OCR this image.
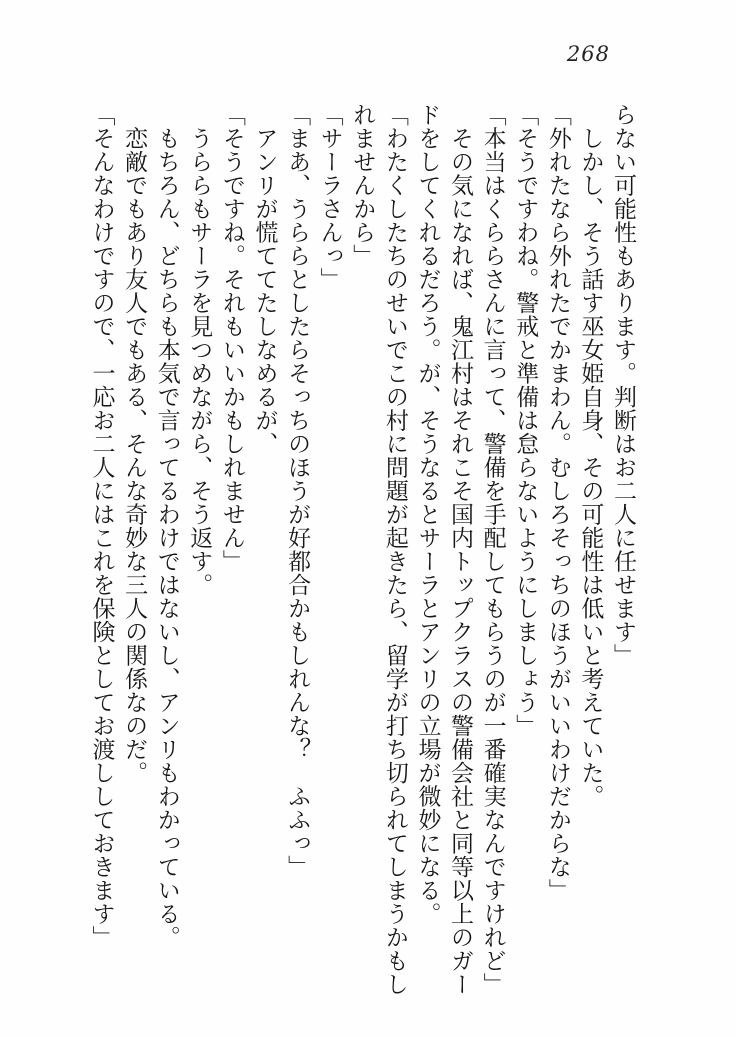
268

らない可能性もあります。判断はお二人に任せます」

　しかし、そう話す巫女姫自身、その可能性は低いと考えていた。

「外れたなら外れたでかまわん。むしろそっちのほうがいいわけだからな」

「そうですわね。警戒と準備は怠らないようにしましょう」

「本当はくららさんに言って、警備を手配してもらうのが一番確実なんですけれど」

　その気になれば、鬼江村はそれこそ国内トップクラスの警備会社と同等以上のガー

ドをしてくれるだろう。が、そうなるとサーラとアンリの立場が微妙になる。

「わたくしたちのせいでこの村に問題が起きたら、留学が打ち切られてしまうかもし

れませんから」

「サーラさんっ」

「まあ、うららとしたらそっちのほうが好都合かもしれんな？　ふふっ」

　アンリが慌ててたしなめるが、

「そうですね。それもいいかもしれません」

　うららもサーラを見つめながら、そう返す。

　もちろん、どちらも本気で言ってるわけではないし、アンリもわかっている。

　恋敵でもあり友人でもある、そんな奇妙な三人の関係なのだ。

「そんなわけですので、一応お二人にはこれを保険としてお渡ししておきます」
